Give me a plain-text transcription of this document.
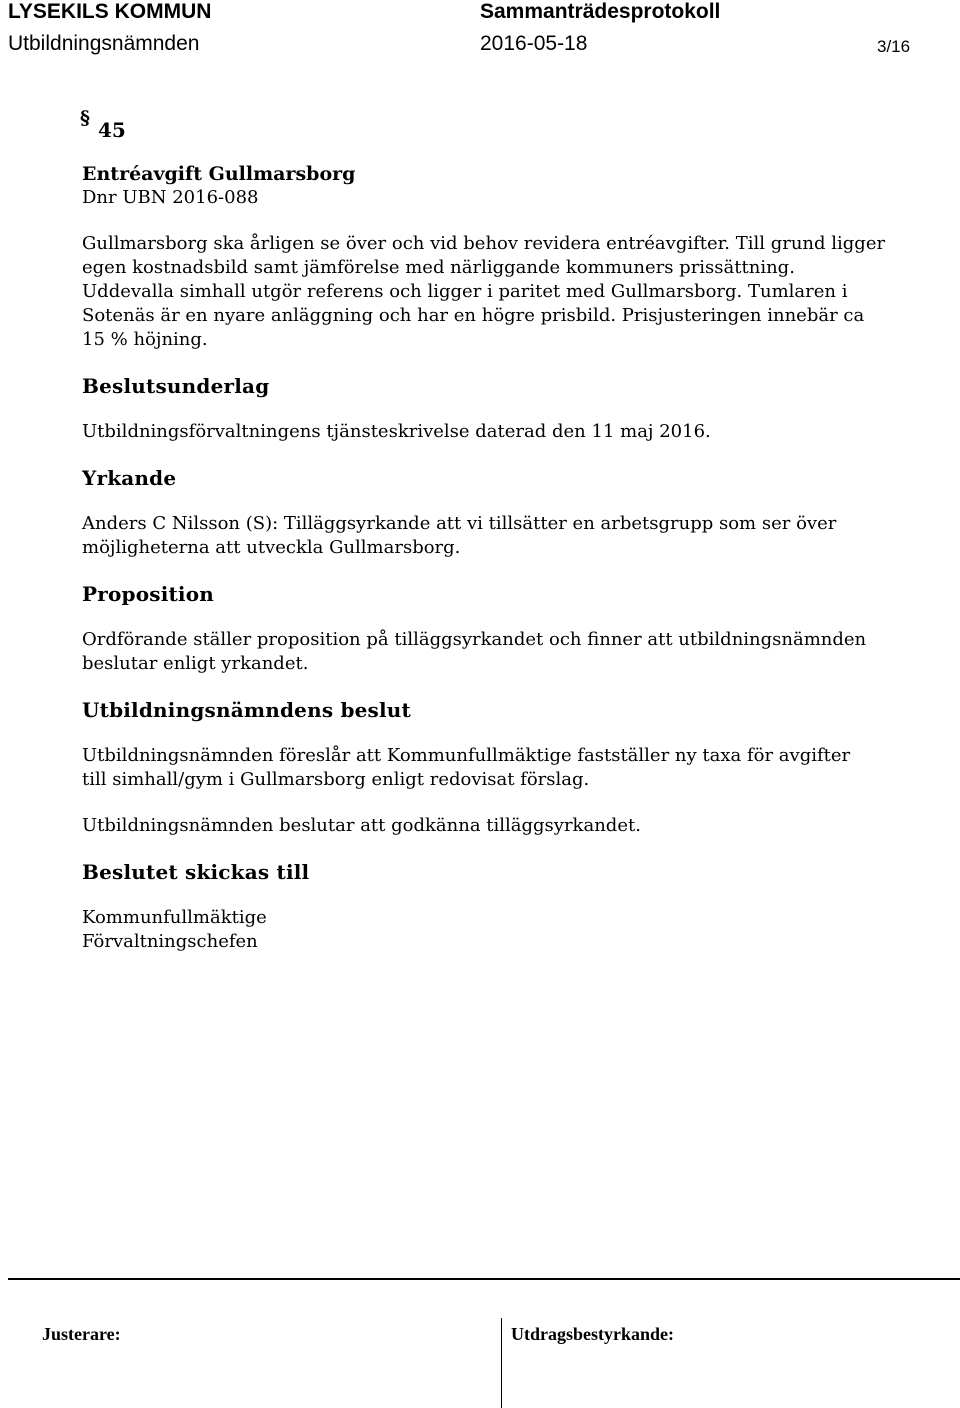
LYSEKILS KOMMUN	Sammanträdesprotokoll
Utbildningsnämnden	2016-05-18	3/16
§ 45
Entréavgift Gullmarsborg
Dnr UBN 2016-088
Gullmarsborg ska årligen se över och vid behov revidera entréavgifter. Till grund ligger
egen kostnadsbild samt jämförelse med närliggande kommuners prissättning.
Uddevalla simhall utgör referens och ligger i paritet med Gullmarsborg. Tumlaren i
Sotenäs är en nyare anläggning och har en högre prisbild. Prisjusteringen innebär ca
15 % höjning.
Beslutsunderlag
Utbildningsförvaltningens tjänsteskrivelse daterad den 11 maj 2016.
Yrkande
Anders C Nilsson (S): Tilläggsyrkande att vi tillsätter en arbetsgrupp som ser över
möjligheterna att utveckla Gullmarsborg.
Proposition
Ordförande ställer proposition på tilläggsyrkandet och finner att utbildningsnämnden
beslutar enligt yrkandet.
Utbildningsnämndens beslut
Utbildningsnämnden föreslår att Kommunfullmäktige fastställer ny taxa för avgifter
till simhall/gym i Gullmarsborg enligt redovisat förslag.
Utbildningsnämnden beslutar att godkänna tilläggsyrkandet.
Beslutet skickas till
Kommunfullmäktige
Förvaltningschefen
Justerare:	Utdragsbestyrkande:
